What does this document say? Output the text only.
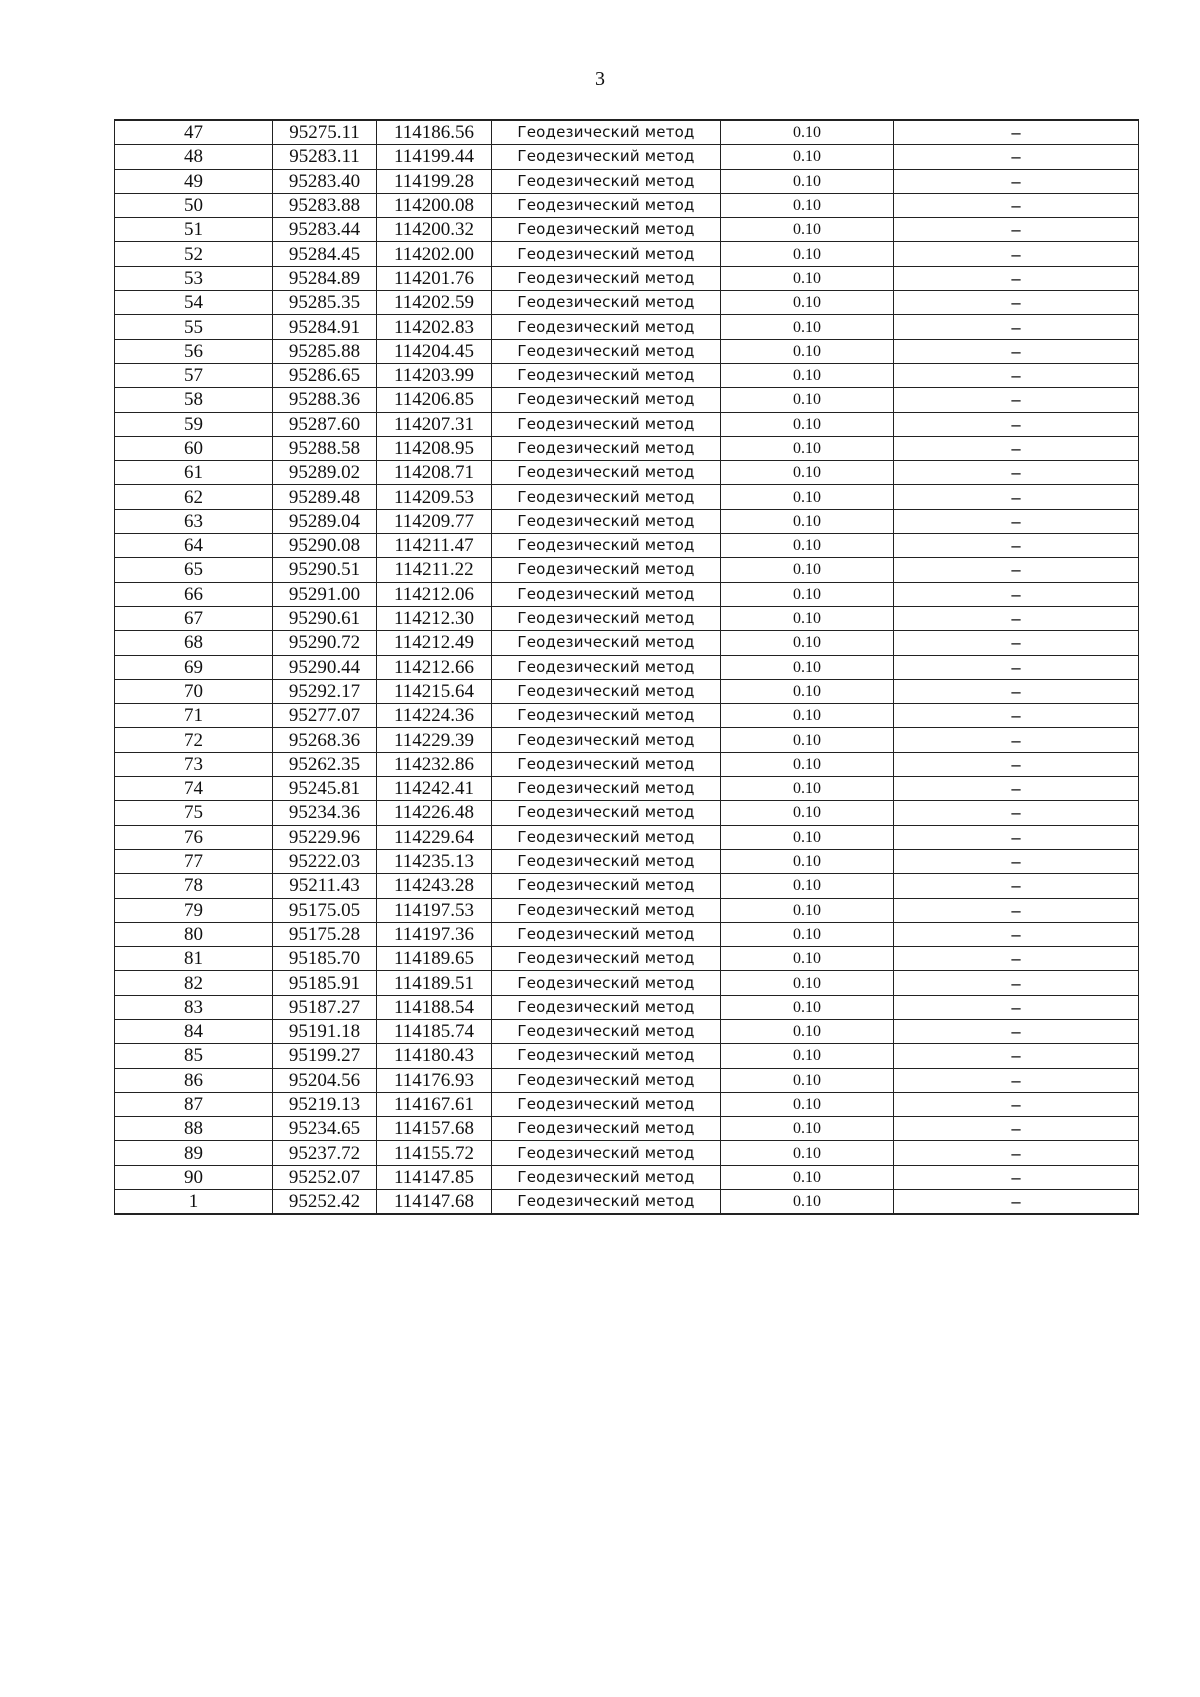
3
47	95275.11	114186.56	Геодезический метод	0.10	–
48	95283.11	114199.44	Геодезический метод	0.10	–
49	95283.40	114199.28	Геодезический метод	0.10	–
50	95283.88	114200.08	Геодезический метод	0.10	–
51	95283.44	114200.32	Геодезический метод	0.10	–
52	95284.45	114202.00	Геодезический метод	0.10	–
53	95284.89	114201.76	Геодезический метод	0.10	–
54	95285.35	114202.59	Геодезический метод	0.10	–
55	95284.91	114202.83	Геодезический метод	0.10	–
56	95285.88	114204.45	Геодезический метод	0.10	–
57	95286.65	114203.99	Геодезический метод	0.10	–
58	95288.36	114206.85	Геодезический метод	0.10	–
59	95287.60	114207.31	Геодезический метод	0.10	–
60	95288.58	114208.95	Геодезический метод	0.10	–
61	95289.02	114208.71	Геодезический метод	0.10	–
62	95289.48	114209.53	Геодезический метод	0.10	–
63	95289.04	114209.77	Геодезический метод	0.10	–
64	95290.08	114211.47	Геодезический метод	0.10	–
65	95290.51	114211.22	Геодезический метод	0.10	–
66	95291.00	114212.06	Геодезический метод	0.10	–
67	95290.61	114212.30	Геодезический метод	0.10	–
68	95290.72	114212.49	Геодезический метод	0.10	–
69	95290.44	114212.66	Геодезический метод	0.10	–
70	95292.17	114215.64	Геодезический метод	0.10	–
71	95277.07	114224.36	Геодезический метод	0.10	–
72	95268.36	114229.39	Геодезический метод	0.10	–
73	95262.35	114232.86	Геодезический метод	0.10	–
74	95245.81	114242.41	Геодезический метод	0.10	–
75	95234.36	114226.48	Геодезический метод	0.10	–
76	95229.96	114229.64	Геодезический метод	0.10	–
77	95222.03	114235.13	Геодезический метод	0.10	–
78	95211.43	114243.28	Геодезический метод	0.10	–
79	95175.05	114197.53	Геодезический метод	0.10	–
80	95175.28	114197.36	Геодезический метод	0.10	–
81	95185.70	114189.65	Геодезический метод	0.10	–
82	95185.91	114189.51	Геодезический метод	0.10	–
83	95187.27	114188.54	Геодезический метод	0.10	–
84	95191.18	114185.74	Геодезический метод	0.10	–
85	95199.27	114180.43	Геодезический метод	0.10	–
86	95204.56	114176.93	Геодезический метод	0.10	–
87	95219.13	114167.61	Геодезический метод	0.10	–
88	95234.65	114157.68	Геодезический метод	0.10	–
89	95237.72	114155.72	Геодезический метод	0.10	–
90	95252.07	114147.85	Геодезический метод	0.10	–
1	95252.42	114147.68	Геодезический метод	0.10	–
